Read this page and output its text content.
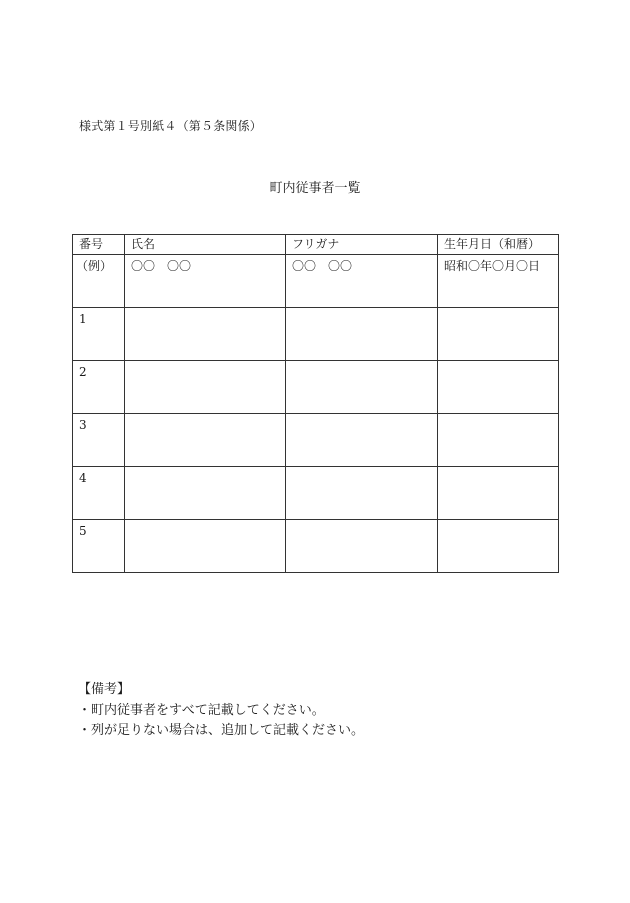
様式第１号別紙４（第５条関係）
町内従事者一覧
番号	氏名	フリガナ	生年月日（和暦）
（例）	〇〇　〇〇	〇〇　〇〇	昭和〇年〇月〇日
1			
2			
3			
4			
5			
【備考】
・町内従事者をすべて記載してください。
・列が足りない場合は、追加して記載ください。
